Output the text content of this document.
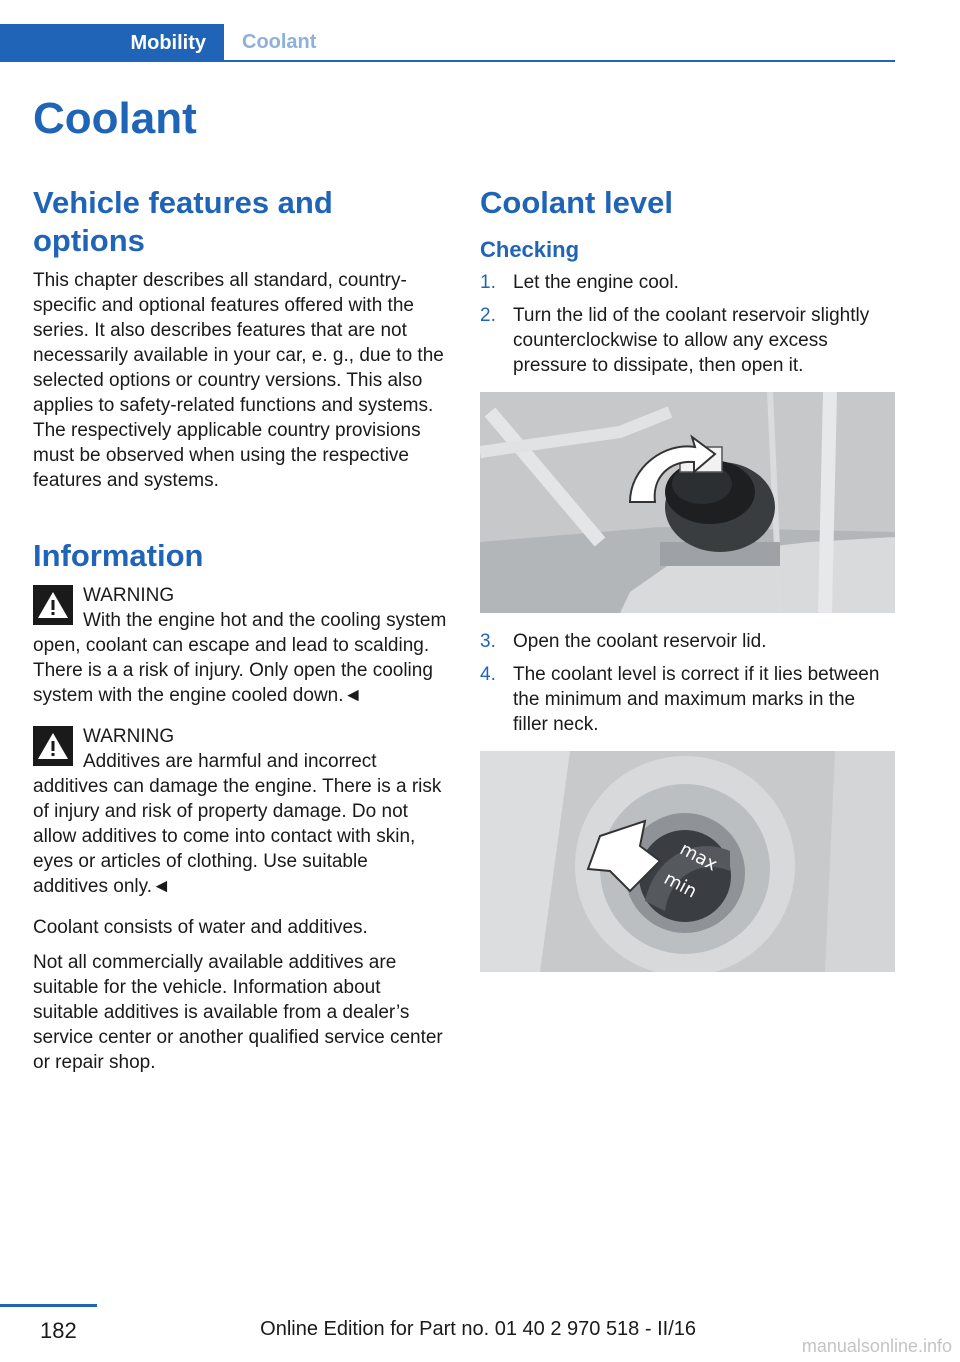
Mobility	Coolant
Coolant
Vehicle features and options

This chapter describes all standard, country-specific and optional features offered with the series. It also describes features that are not necessarily available in your car, e. g., due to the selected options or country versions. This also applies to safety-related functions and systems. The respectively applicable country provisions must be observed when using the respective features and systems.

Information
WARNING
With the engine hot and the cooling system open, coolant can escape and lead to scalding. There is a a risk of injury. Only open the cooling system with the engine cooled down.◄
WARNING
Additives are harmful and incorrect additives can damage the engine. There is a risk of injury and risk of property damage. Do not allow additives to come into contact with skin, eyes or articles of clothing. Use suitable additives only.◄

Coolant consists of water and additives.

Not all commercially available additives are suitable for the vehicle. Information about suitable additives is available from a dealer’s service center or another qualified service center or repair shop.

Coolant level
Checking
1. Let the engine cool.
2. Turn the lid of the coolant reservoir slightly counterclockwise to allow any excess pressure to dissipate, then open it.
3. Open the coolant reservoir lid.
4. The coolant level is correct if it lies between the minimum and maximum marks in the filler neck.
max
min
182	Online Edition for Part no. 01 40 2 970 518 - II/16
manualsonline.info
